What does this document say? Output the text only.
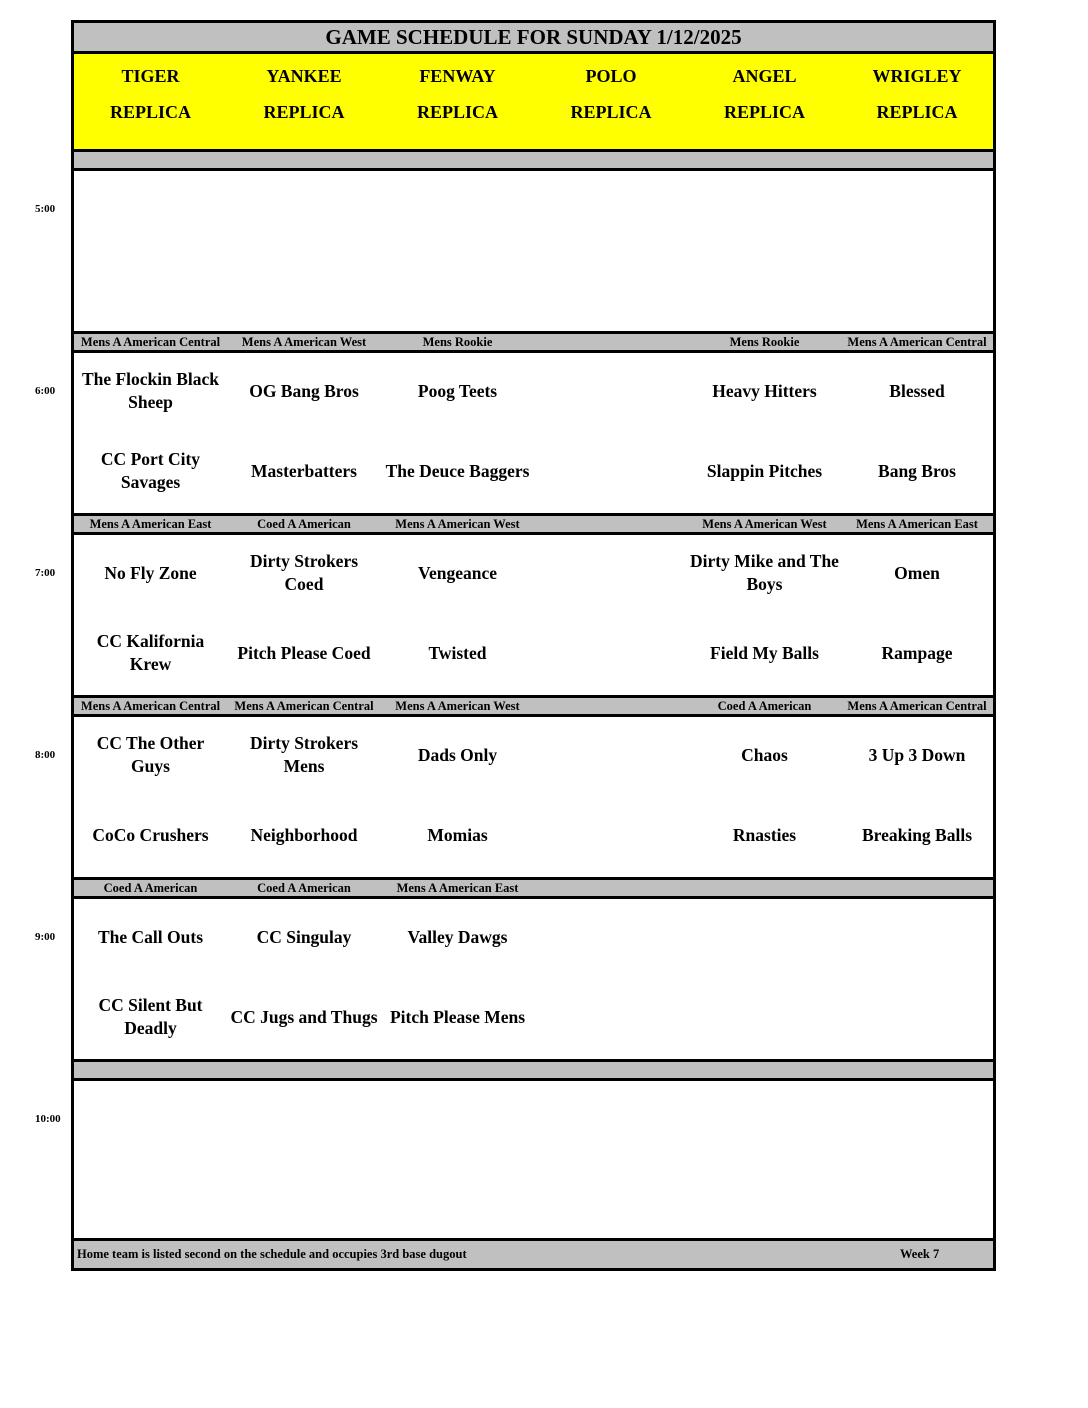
GAME SCHEDULE FOR SUNDAY 1/12/2025
TIGER
REPLICA
YANKEE
REPLICA
FENWAY
REPLICA
POLO
REPLICA
ANGEL
REPLICA
WRIGLEY
REPLICA
Mens A American Central
The Flockin Black Sheep
CC Port City Savages
Mens A American West
OG Bang Bros
Masterbatters
Mens Rookie
Poog Teets
The Deuce Baggers
Mens Rookie
Heavy Hitters
Slappin Pitches
Mens A American Central
Blessed
Bang Bros
Mens A American East
No Fly Zone
CC Kalifornia Krew
Coed A American
Dirty Strokers Coed
Pitch Please Coed
Mens A American West
Vengeance
Twisted
Mens A American West
Dirty Mike and The Boys
Field My Balls
Mens A American East
Omen
Rampage
Mens A American Central
CC The Other Guys
CoCo Crushers
Mens A American Central
Dirty Strokers Mens
Neighborhood
Mens A American West
Dads Only
Momias
Coed A American
Chaos
Rnasties
Mens A American Central
3 Up 3 Down
Breaking Balls
Coed A American
The Call Outs
CC Silent But Deadly
Coed A American
CC Singulay
CC Jugs and Thugs
Mens A American East
Valley Dawgs
Pitch Please Mens
Home team is listed second on the schedule and occupies 3rd base dugout	Week 7
5:00
6:00
7:00
8:00
9:00
10:00
